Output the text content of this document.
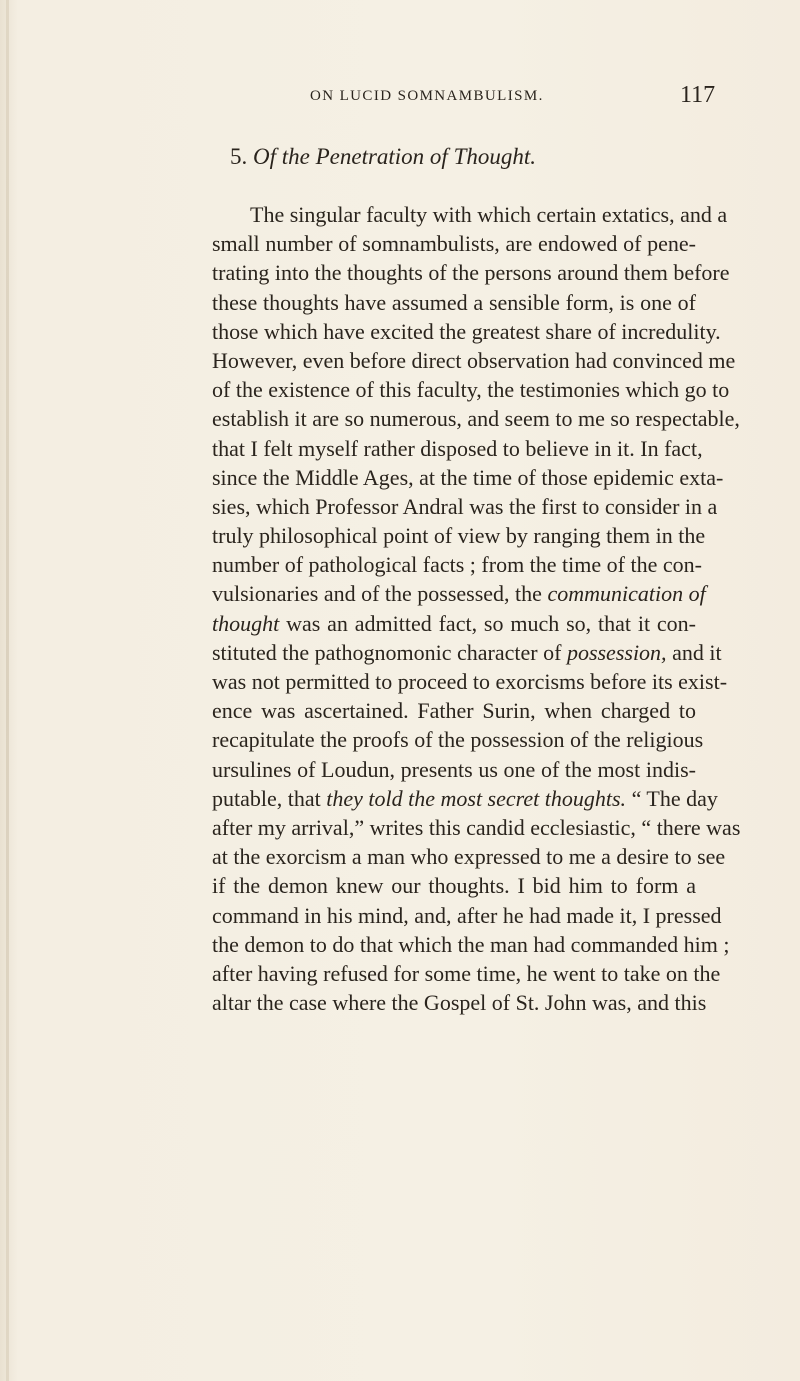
ON LUCID SOMNAMBULISM.	117
5. Of the Penetration of Thought.
The singular faculty with which certain extatics, and a
small number of somnambulists, are endowed of pene-
trating into the thoughts of the persons around them before
these thoughts have assumed a sensible form, is one of
those which have excited the greatest share of incredulity.
However, even before direct observation had convinced me
of the existence of this faculty, the testimonies which go to
establish it are so numerous, and seem to me so respectable,
that I felt myself rather disposed to believe in it. In fact,
since the Middle Ages, at the time of those epidemic exta-
sies, which Professor Andral was the first to consider in a
truly philosophical point of view by ranging them in the
number of pathological facts ; from the time of the con-
vulsionaries and of the possessed, the communication of
thought was an admitted fact, so much so, that it con-
stituted the pathognomonic character of possession, and it
was not permitted to proceed to exorcisms before its exist-
ence was ascertained. Father Surin, when charged to
recapitulate the proofs of the possession of the religious
ursulines of Loudun, presents us one of the most indis-
putable, that they told the most secret thoughts. “ The day
after my arrival,” writes this candid ecclesiastic, “ there was
at the exorcism a man who expressed to me a desire to see
if the demon knew our thoughts. I bid him to form a
command in his mind, and, after he had made it, I pressed
the demon to do that which the man had commanded him ;
after having refused for some time, he went to take on the
altar the case where the Gospel of St. John was, and this
